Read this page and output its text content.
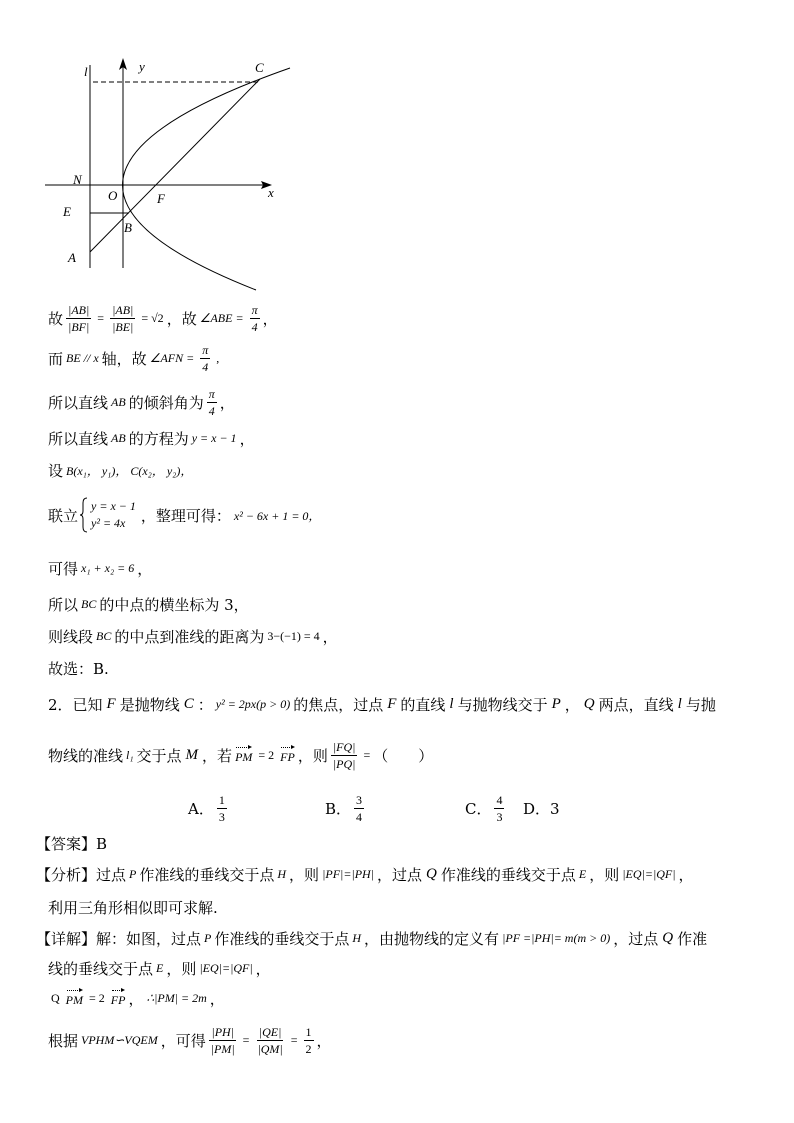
l	y	C
N
O	x
F
E
B
A
故 $\frac{|AB|}{|BF|} = \frac{|AB|}{|BE|} = √2$ ，故 ∠ABE = $\frac{\pi}{4}$ ，
而 BE // x 轴，故 ∠AFN = $\frac{\pi}{4}$ ,
所以直线 AB 的倾斜角为 $\frac{\pi}{4}$ ，
所以直线 AB 的方程为 y = x − 1 ，
设 B(x₁， y₁)， C(x₂， y₂)，
联立
y = x − 1
y² = 4x	，整理可得： x² − 6x + 1 = 0，
可得 x₁ + x₂ = 6 ，
所以 BC 的中点的横坐标为 3，
则线段 BC 的中点到准线的距离为 3−(−1) = 4 ，
故选：B.
2．已知 F 是抛物线 C ： y² = 2px(p > 0) 的焦点，过点 F 的直线 l 与抛物线交于 P ， Q 两点，直线 l 与抛
物线的准线 l₁ 交于点 M ，若 PM = 2 FP ，则 $\frac{|FQ|}{|PQ|}$ = （　　）
A． $\frac{1}{3}$	B． $\frac{3}{4}$	C． $\frac{4}{3}$ D．3
【答案】B
【分析】过点 P 作准线的垂线交于点 H ，则 |PF|=|PH| ，过点 Q 作准线的垂线交于点 E ，则 |EQ|=|QF| ，
利用三角形相似即可求解.
【详解】解：如图，过点 P 作准线的垂线交于点 H ，由抛物线的定义有 |PF =|PH|= m(m > 0) ，过点 Q 作准
线的垂线交于点 E ，则 |EQ|=|QF| ，
Q PM = 2 FP ， ∴|PM| = 2m ，
根据 VPHM∽VQEM ，可得 $\frac{|PH|}{|PM|} = \frac{|QE|}{|QM|} = \frac{1}{2}$ ，
